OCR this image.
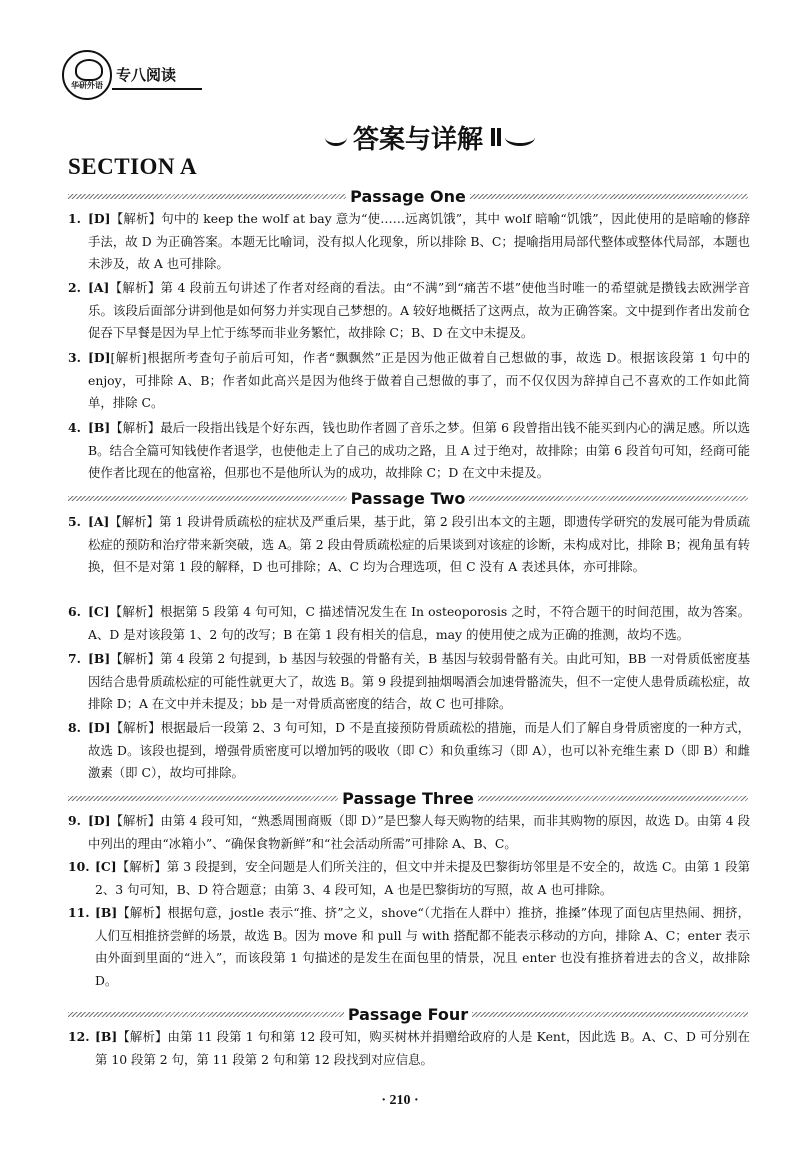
华研外语
专八阅读
答案与详解
SECTION A
Passage One
1. [D]【解析】句中的 keep the wolf at bay 意为“使……远离饥饿”，其中 wolf 暗喻“饥饿”，因此使用的是暗喻的修辞手法，故 D 为正确答案。本题无比喻词，没有拟人化现象，所以排除 B、C；提喻指用局部代整体或整体代局部，本题也未涉及，故 A 也可排除。
2. [A]【解析】第 4 段前五句讲述了作者对经商的看法。由“不满”到“痛苦不堪”使他当时唯一的希望就是攒钱去欧洲学音乐。该段后面部分讲到他是如何努力并实现自己梦想的。A 较好地概括了这两点，故为正确答案。文中提到作者出发前仓促吞下早餐是因为早上忙于练琴而非业务繁忙，故排除 C；B、D 在文中未提及。
3. [D][解析]根据所考查句子前后可知，作者“飘飘然”正是因为他正做着自己想做的事，故选 D。根据该段第 1 句中的 enjoy，可排除 A、B；作者如此高兴是因为他终于做着自己想做的事了，而不仅仅因为辞掉自己不喜欢的工作如此简单，排除 C。
4. [B]【解析】最后一段指出钱是个好东西，钱也助作者圆了音乐之梦。但第 6 段曾指出钱不能买到内心的满足感。所以选 B。结合全篇可知钱使作者退学，也使他走上了自己的成功之路，且 A 过于绝对，故排除；由第 6 段首句可知，经商可能使作者比现在的他富裕，但那也不是他所认为的成功，故排除 C；D 在文中未提及。
Passage Two
5. [A]【解析】第 1 段讲骨质疏松的症状及严重后果，基于此，第 2 段引出本文的主题，即遗传学研究的发展可能为骨质疏松症的预防和治疗带来新突破，选 A。第 2 段由骨质疏松症的后果谈到对该症的诊断，未构成对比，排除 B；视角虽有转换，但不是对第 1 段的解释，D 也可排除；A、C 均为合理选项，但 C 没有 A 表述具体，亦可排除。
6. [C]【解析】根据第 5 段第 4 句可知，C 描述情况发生在 In osteoporosis 之时，不符合题干的时间范围，故为答案。A、D 是对该段第 1、2 句的改写；B 在第 1 段有相关的信息，may 的使用使之成为正确的推测，故均不选。
7. [B]【解析】第 4 段第 2 句提到，b 基因与较强的骨骼有关，B 基因与较弱骨骼有关。由此可知，BB 一对骨质低密度基因结合患骨质疏松症的可能性就更大了，故选 B。第 9 段提到抽烟喝酒会加速骨骼流失，但不一定使人患骨质疏松症，故排除 D；A 在文中并未提及；bb 是一对骨质高密度的结合，故 C 也可排除。
8. [D]【解析】根据最后一段第 2、3 句可知，D 不是直接预防骨质疏松的措施，而是人们了解自身骨质密度的一种方式，故选 D。该段也提到，增强骨质密度可以增加钙的吸收（即 C）和负重练习（即 A），也可以补充维生素 D（即 B）和雌激素（即 C），故均可排除。
Passage Three
9. [D]【解析】由第 4 段可知，“熟悉周围商贩（即 D）”是巴黎人每天购物的结果，而非其购物的原因，故选 D。由第 4 段中列出的理由“冰箱小”、“确保食物新鲜”和“社会活动所需”可排除 A、B、C。
10. [C]【解析】第 3 段提到，安全问题是人们所关注的，但文中并未提及巴黎街坊邻里是不安全的，故选 C。由第 1 段第 2、3 句可知，B、D 符合题意；由第 3、4 段可知，A 也是巴黎街坊的写照，故 A 也可排除。
11. [B]【解析】根据句意，jostle 表示“推、挤”之义，shove“（尤指在人群中）推挤，推搡”体现了面包店里热闹、拥挤，人们互相推挤尝鲜的场景，故选 B。因为 move 和 pull 与 with 搭配都不能表示移动的方向，排除 A、C；enter 表示由外面到里面的“进入”，而该段第 1 句描述的是发生在面包里的情景，况且 enter 也没有推挤着进去的含义，故排除 D。
Passage Four
12. [B]【解析】由第 11 段第 1 句和第 12 段可知，购买树林并捐赠给政府的人是 Kent，因此选 B。A、C、D 可分别在第 10 段第 2 句，第 11 段第 2 句和第 12 段找到对应信息。
· 210 ·
